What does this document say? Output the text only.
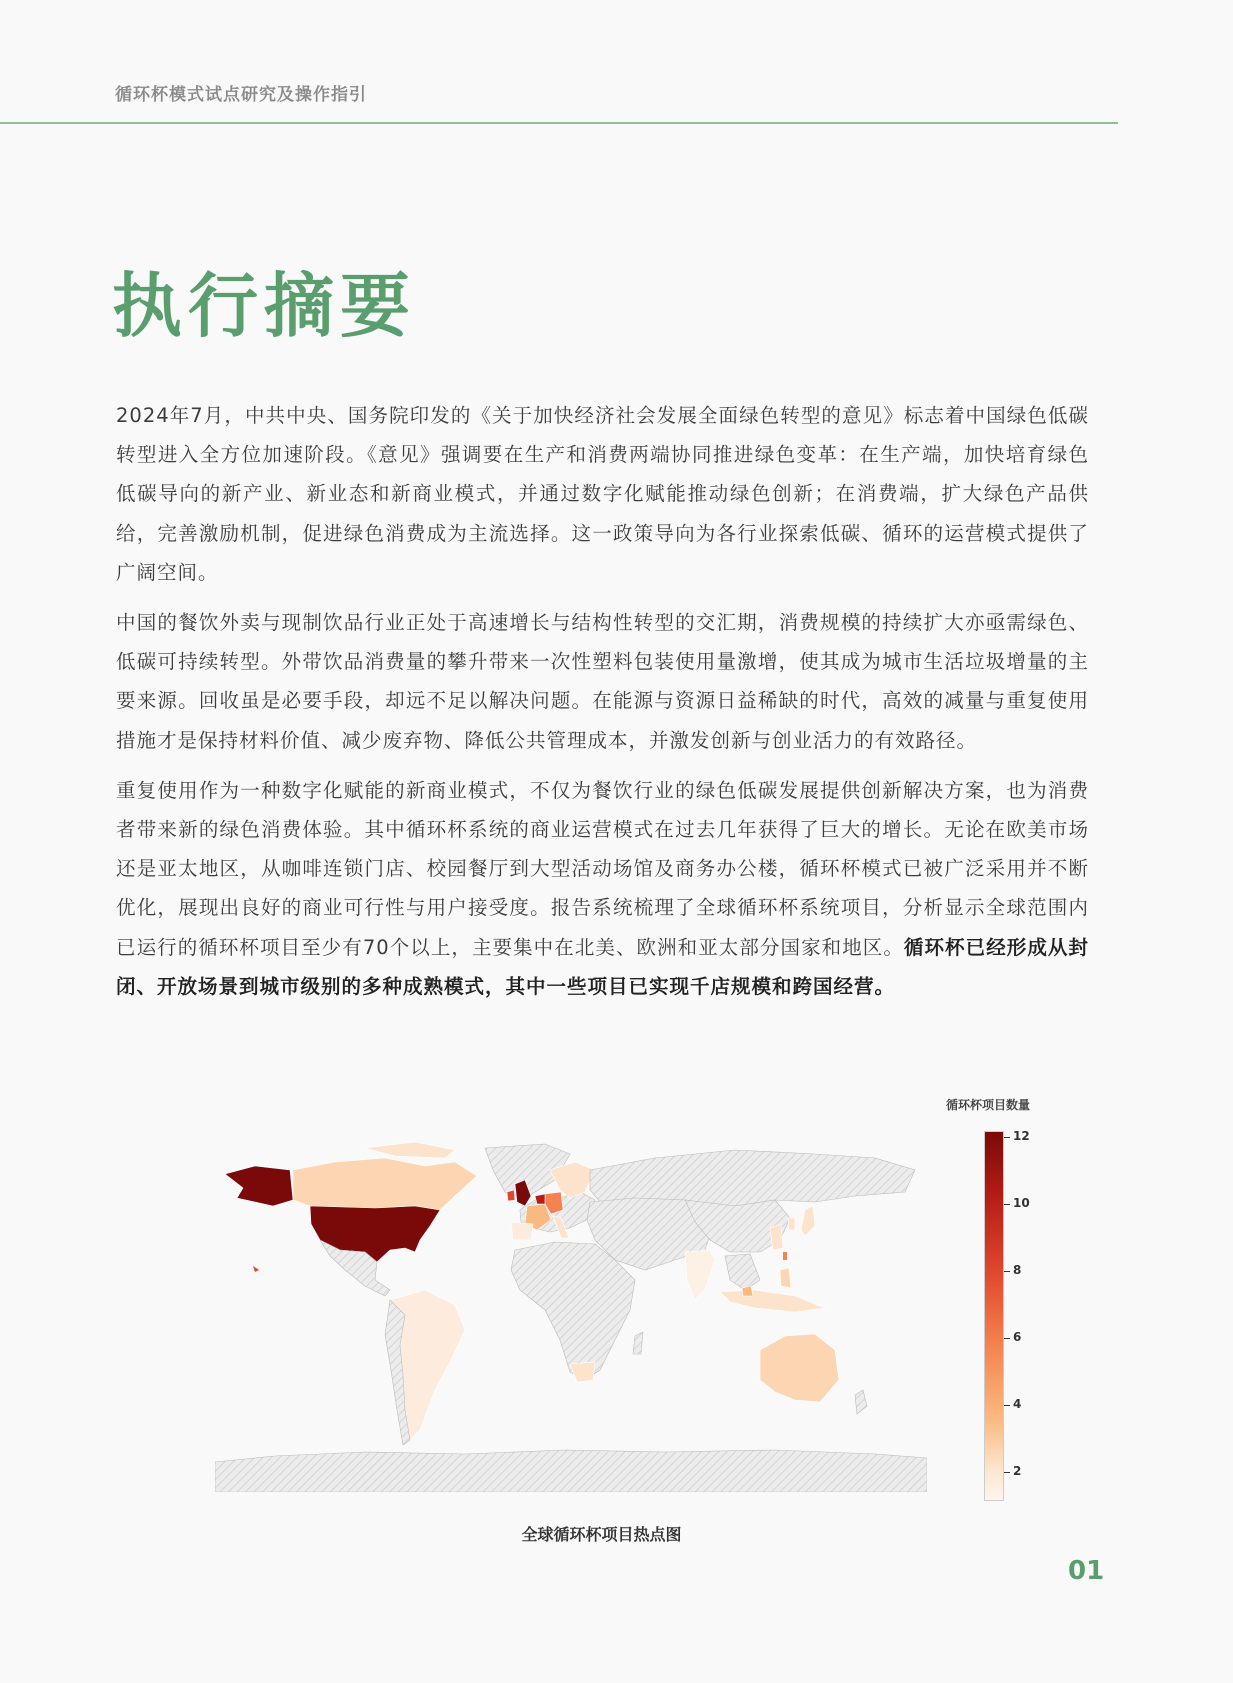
循环杯模式试点研究及操作指引
执行摘要

2024年7月，中共中央、国务院印发的《关于加快经济社会发展全面绿色转型的意见》标志着中国绿色低碳转型进入全方位加速阶段。《意见》强调要在生产和消费两端协同推进绿色变革：在生产端，加快培育绿色低碳导向的新产业、新业态和新商业模式，并通过数字化赋能推动绿色创新；在消费端，扩大绿色产品供给，完善激励机制，促进绿色消费成为主流选择。这一政策导向为各行业探索低碳、循环的运营模式提供了广阔空间。

中国的餐饮外卖与现制饮品行业正处于高速增长与结构性转型的交汇期，消费规模的持续扩大亦亟需绿色、低碳可持续转型。外带饮品消费量的攀升带来一次性塑料包装使用量激增，使其成为城市生活垃圾增量的主要来源。回收虽是必要手段，却远不足以解决问题。在能源与资源日益稀缺的时代，高效的减量与重复使用措施才是保持材料价值、减少废弃物、降低公共管理成本，并激发创新与创业活力的有效路径。

重复使用作为一种数字化赋能的新商业模式，不仅为餐饮行业的绿色低碳发展提供创新解决方案，也为消费者带来新的绿色消费体验。其中循环杯系统的商业运营模式在过去几年获得了巨大的增长。无论在欧美市场还是亚太地区，从咖啡连锁门店、校园餐厅到大型活动场馆及商务办公楼，循环杯模式已被广泛采用并不断优化，展现出良好的商业可行性与用户接受度。报告系统梳理了全球循环杯系统项目，分析显示全球范围内已运行的循环杯项目至少有70个以上，主要集中在北美、欧洲和亚太部分国家和地区。循环杯已经形成从封闭、开放场景到城市级别的多种成熟模式，其中一些项目已实现千店规模和跨国经营。

循环杯项目数量
12
10
8
6
4
2
全球循环杯项目热点图
01
